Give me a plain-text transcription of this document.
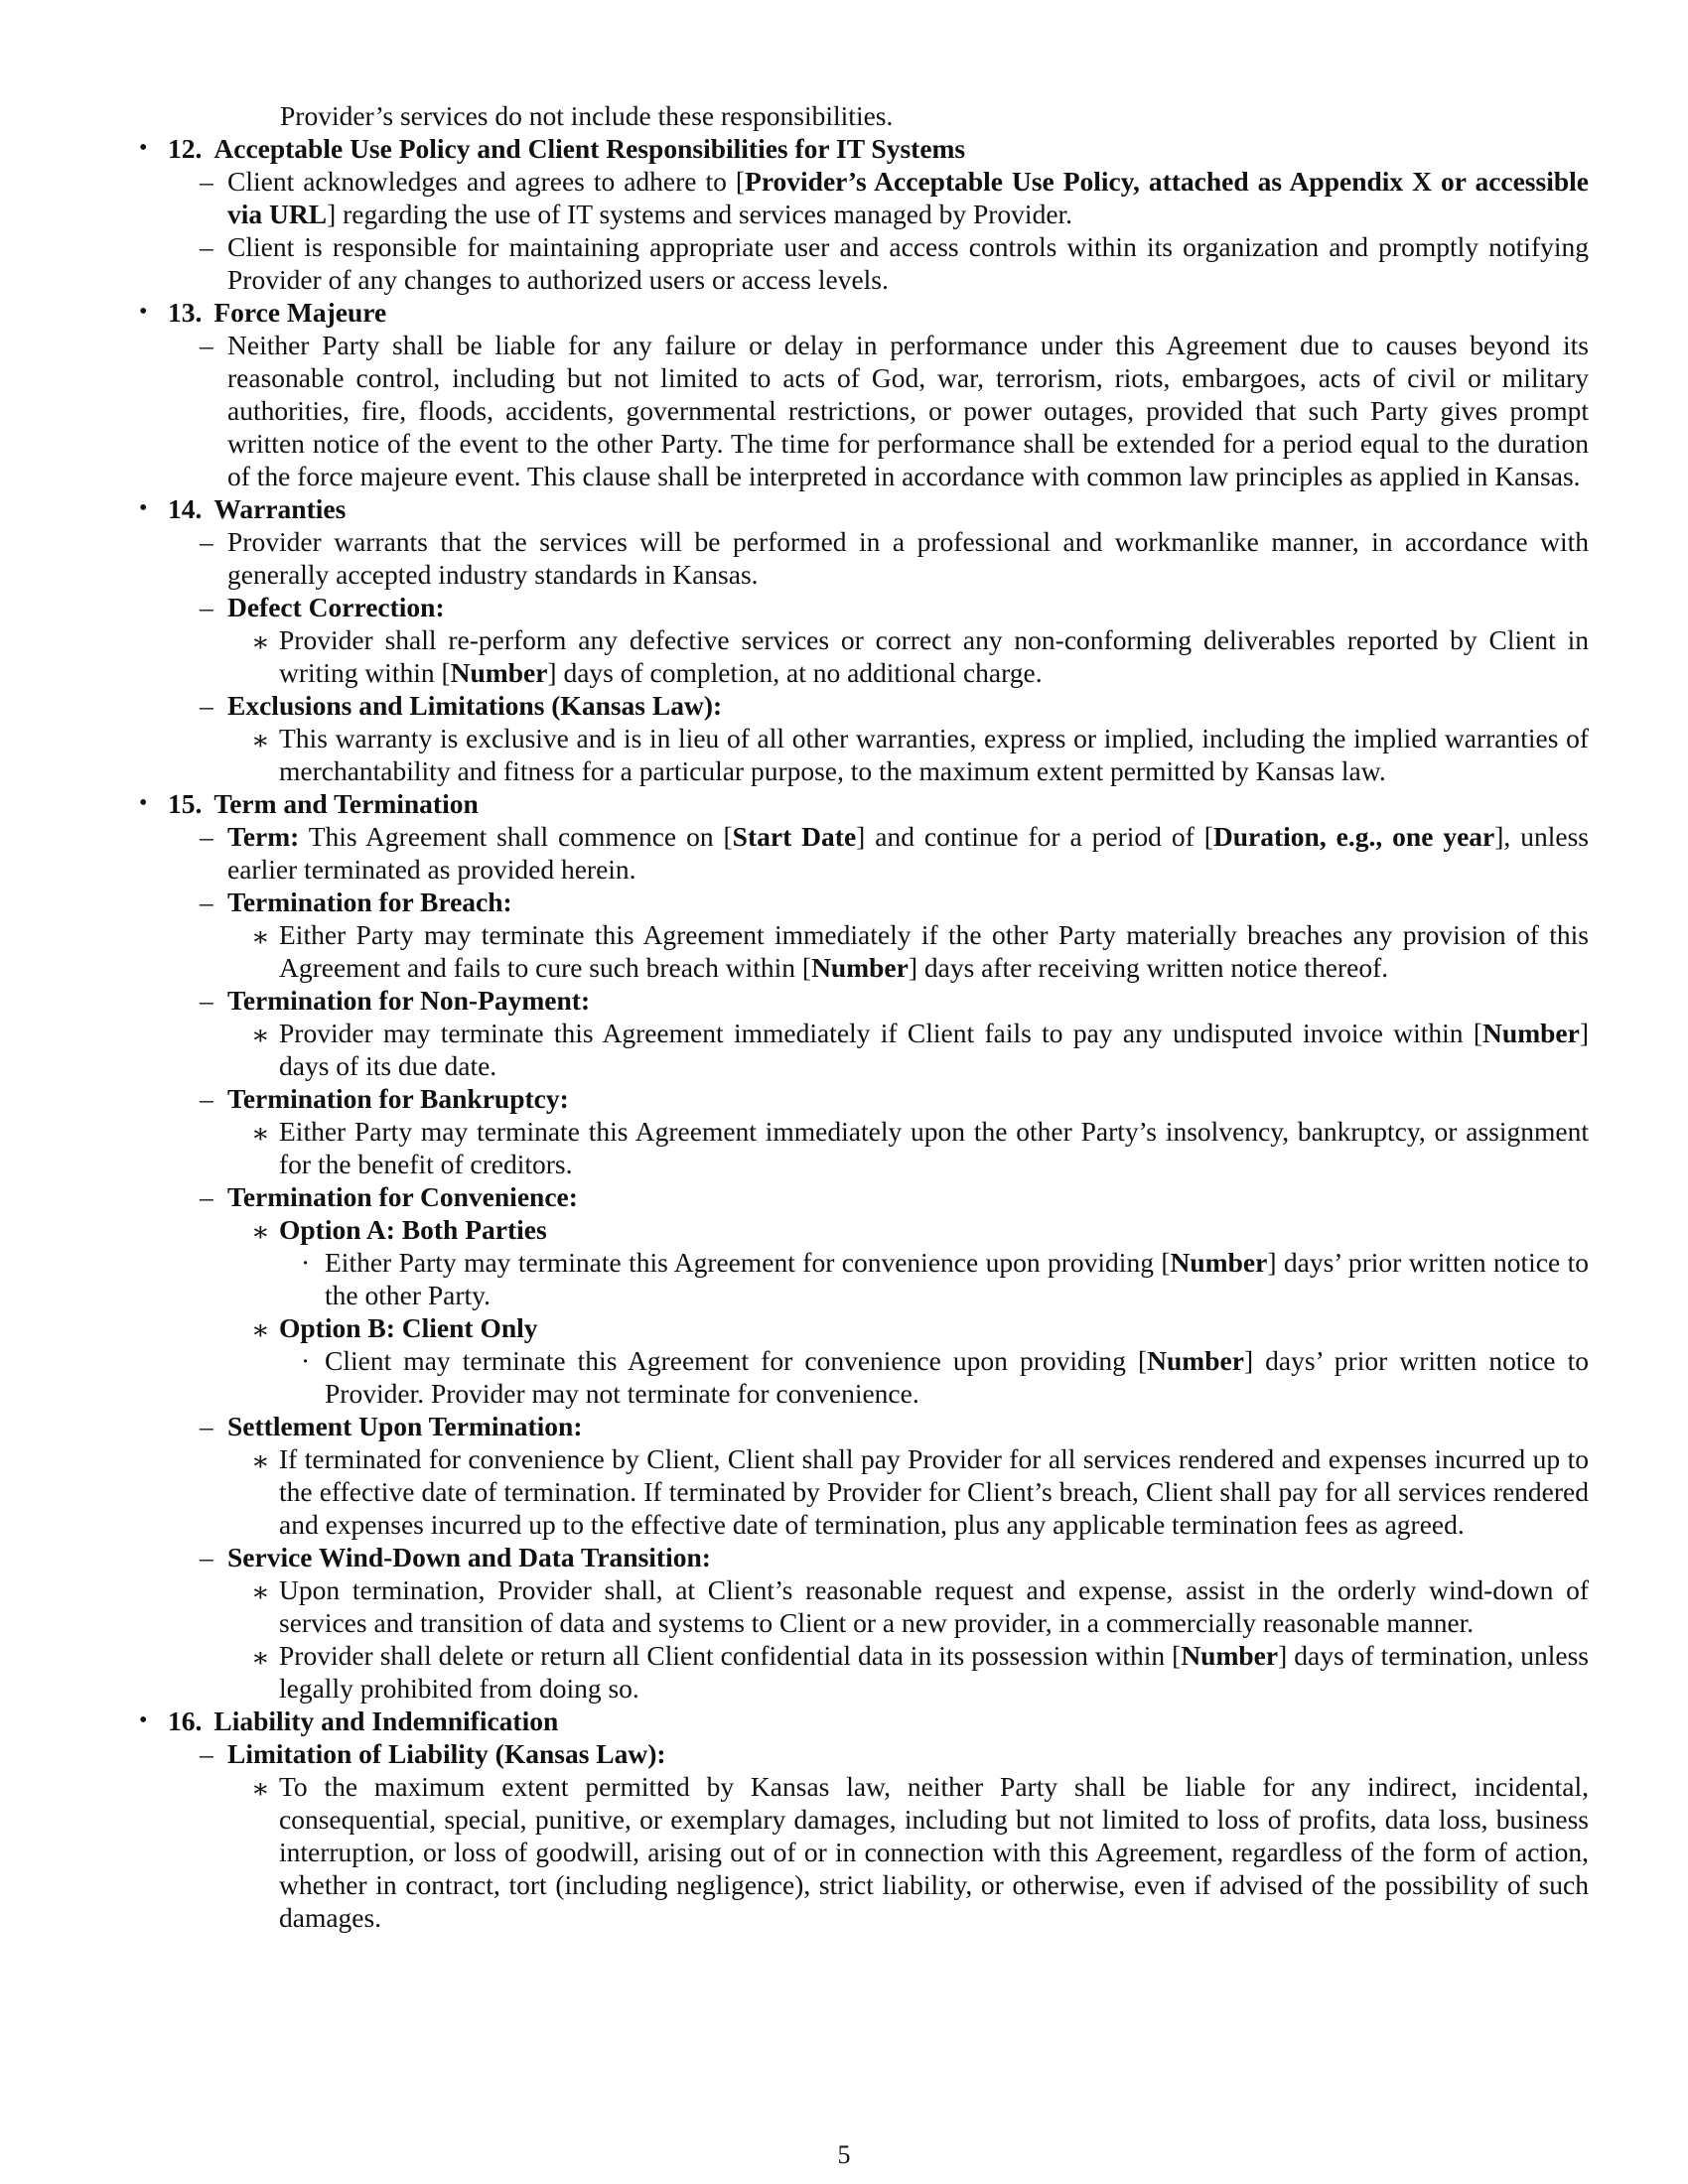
Provider’s services do not include these responsibilities.

• 12. Acceptable Use Policy and Client Responsibilities for IT Systems
– Client acknowledges and agrees to adhere to [Provider’s Acceptable Use Policy, attached as Appendix X or accessible via URL] regarding the use of IT systems and services managed by Provider.
– Client is responsible for maintaining appropriate user and access controls within its organization and promptly notifying Provider of any changes to authorized users or access levels.
• 13. Force Majeure
– Neither Party shall be liable for any failure or delay in performance under this Agreement due to causes beyond its reasonable control, including but not limited to acts of God, war, terrorism, riots, embargoes, acts of civil or military authorities, fire, floods, accidents, governmental restrictions, or power outages, provided that such Party gives prompt written notice of the event to the other Party. The time for performance shall be extended for a period equal to the duration of the force majeure event. This clause shall be interpreted in accordance with common law principles as applied in Kansas.
• 14. Warranties
– Provider warrants that the services will be performed in a professional and workmanlike manner, in accordance with generally accepted industry standards in Kansas.
– Defect Correction:
∗ Provider shall re-perform any defective services or correct any non-conforming deliverables reported by Client in writing within [Number] days of completion, at no additional charge.
– Exclusions and Limitations (Kansas Law):
∗ This warranty is exclusive and is in lieu of all other warranties, express or implied, including the implied warranties of merchantability and fitness for a particular purpose, to the maximum extent permitted by Kansas law.
• 15. Term and Termination
– Term: This Agreement shall commence on [Start Date] and continue for a period of [Duration, e.g., one year], unless earlier terminated as provided herein.
– Termination for Breach:
∗ Either Party may terminate this Agreement immediately if the other Party materially breaches any provision of this Agreement and fails to cure such breach within [Number] days after receiving written notice thereof.
– Termination for Non-Payment:
∗ Provider may terminate this Agreement immediately if Client fails to pay any undisputed invoice within [Number] days of its due date.
– Termination for Bankruptcy:
∗ Either Party may terminate this Agreement immediately upon the other Party’s insolvency, bankruptcy, or assignment for the benefit of creditors.
– Termination for Convenience:
∗ Option A: Both Parties
· Either Party may terminate this Agreement for convenience upon providing [Number] days’ prior written notice to the other Party.
∗ Option B: Client Only
· Client may terminate this Agreement for convenience upon providing [Number] days’ prior written notice to Provider. Provider may not terminate for convenience.
– Settlement Upon Termination:
∗ If terminated for convenience by Client, Client shall pay Provider for all services rendered and expenses incurred up to the effective date of termination. If terminated by Provider for Client’s breach, Client shall pay for all services rendered and expenses incurred up to the effective date of termination, plus any applicable termination fees as agreed.
– Service Wind-Down and Data Transition:
∗ Upon termination, Provider shall, at Client’s reasonable request and expense, assist in the orderly wind-down of services and transition of data and systems to Client or a new provider, in a commercially reasonable manner.
∗ Provider shall delete or return all Client confidential data in its possession within [Number] days of termination, unless legally prohibited from doing so.
• 16. Liability and Indemnification
– Limitation of Liability (Kansas Law):
∗ To the maximum extent permitted by Kansas law, neither Party shall be liable for any indirect, incidental, consequential, special, punitive, or exemplary damages, including but not limited to loss of profits, data loss, business interruption, or loss of goodwill, arising out of or in connection with this Agreement, regardless of the form of action, whether in contract, tort (including negligence), strict liability, or otherwise, even if advised of the possibility of such damages.
5
